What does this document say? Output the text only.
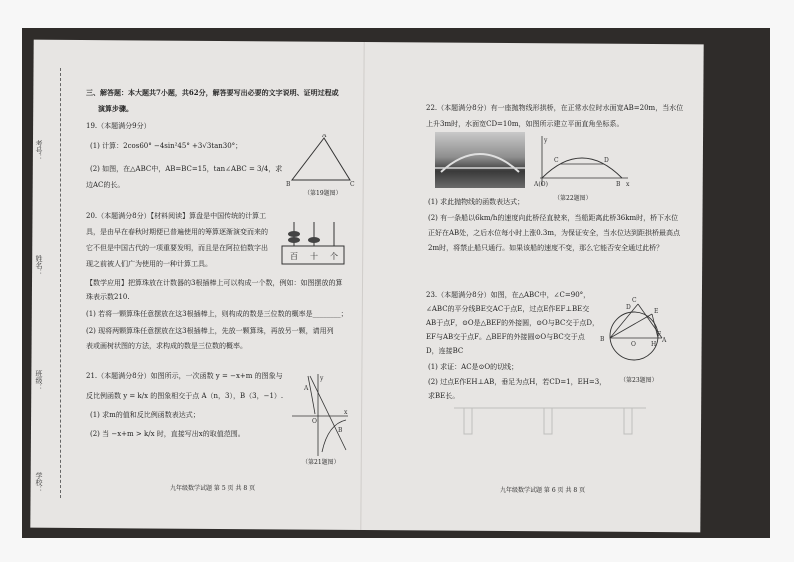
考号：
姓名：
班级：
学校：
三、解答题：本大题共7小题，共62分，解答要写出必要的文字说明、证明过程或
演算步骤。
19.（本题满分9分）
(1) 计算：2cos60° −4sin²45° +3√3tan30°；
(2) 如图，在△ABC中，AB=BC=15，tan∠ABC = 3/4，求
边AC的长。
A
B	C
（第19题图）
20.（本题满分8分）【材料阅读】算盘是中国传统的计算工
具，是由早在春秋时期便已普遍使用的筹算逐渐演变而来的
它不但是中国古代的一项重要发明，而且是在阿拉伯数字出
现之前被人们广为使用的一种计算工具。
【数学应用】把算珠放在计数器的3根插棒上可以构成一个数，例如：如图摆放的算
珠表示数210.
(1) 若将一颗算珠任意摆放在这3根插棒上，则构成的数是三位数的概率是________；
(2) 现将两颗算珠任意摆放在这3根插棒上，先放一颗算珠，再放另一颗，请用列
表或画树状图的方法，求构成的数是三位数的概率。
百 十 个
21.（本题满分8分）如图所示，一次函数 y = −x+m 的图象与
反比例函数 y = k/x 的图象相交于点 A（n，3），B（3，−1）.
(1) 求m的值和反比例函数表达式；
(2) 当 −x+m > k/x 时，直接写出x的取值范围。
y
x
O
A
B
（第21题图）
九年级数学试题 第 5 页 共 8 页
22.（本题满分8分）有一座抛物线形拱桥，在正常水位时水面宽AB=20m，当水位
上升3m时，水面宽CD=10m，如图所示建立平面直角坐标系。
y
C	D
A(O)	B x
（第22题图）
(1) 求此抛物线的函数表达式；
(2) 有一条船以6km/h的速度向此桥径直驶来，当船距离此桥36km时，桥下水位
正好在AB处，之后水位每小时上涨0.3m，为保证安全，当水位达到距拱桥最高点
2m时，将禁止船只通行。如果该船的速度不变，那么它能否安全通过此桥？
23.（本题满分8分）如图，在△ABC中，∠C=90°，
∠ABC的平分线BE交AC于点E，过点E作EF⊥BE交
AB于点F，⊙O是△BEF的外接圆，⊙O与BC交于点D，
EF与AB交于点F。△BEF的外接圆⊙O与BC交于点
D，连接BC
(1) 求证：AC是⊙O的切线；
(2) 过点E作EH⊥AB，垂足为点H，若CD=1，EH=3，
求BE长。
C
D
E
B
O	H
F
A
（第23题图）
九年级数学试题 第 6 页 共 8 页
